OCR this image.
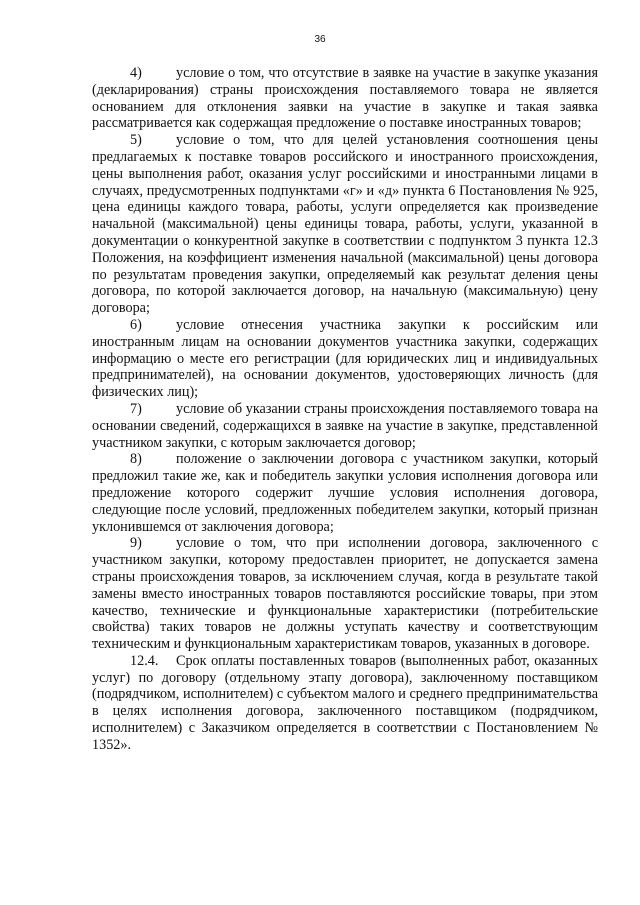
36

4) условие о том, что отсутствие в заявке на участие в закупке указания (декларирования) страны происхождения поставляемого товара не является основанием для отклонения заявки на участие в закупке и такая заявка рассматривается как содержащая предложение о поставке иностранных товаров;

5) условие о том, что для целей установления соотношения цены предлагаемых к поставке товаров российского и иностранного происхождения, цены выполнения работ, оказания услуг российскими и иностранными лицами в случаях, предусмотренных подпунктами «г» и «д» пункта 6 Постановления № 925, цена единицы каждого товара, работы, услуги определяется как произведение начальной (максимальной) цены единицы товара, работы, услуги, указанной в документации о конкурентной закупке в соответствии с подпунктом 3 пункта 12.3 Положения, на коэффициент изменения начальной (максимальной) цены договора по результатам проведения закупки, определяемый как результат деления цены договора, по которой заключается договор, на начальную (максимальную) цену договора;

6) условие отнесения участника закупки к российским или иностранным лицам на основании документов участника закупки, содержащих информацию о месте его регистрации (для юридических лиц и индивидуальных предпринимателей), на основании документов, удостоверяющих личность (для физических лиц);

7) условие об указании страны происхождения поставляемого товара на основании сведений, содержащихся в заявке на участие в закупке, представленной участником закупки, с которым заключается договор;

8) положение о заключении договора с участником закупки, который предложил такие же, как и победитель закупки условия исполнения договора или предложение которого содержит лучшие условия исполнения договора, следующие после условий, предложенных победителем закупки, который признан уклонившемся от заключения договора;

9) условие о том, что при исполнении договора, заключенного с участником закупки, которому предоставлен приоритет, не допускается замена страны происхождения товаров, за исключением случая, когда в результате такой замены вместо иностранных товаров поставляются российские товары, при этом качество, технические и функциональные характеристики (потребительские свойства) таких товаров не должны уступать качеству и соответствующим техническим и функциональным характеристикам товаров, указанных в договоре.

12.4. Срок оплаты поставленных товаров (выполненных работ, оказанных услуг) по договору (отдельному этапу договора), заключенному поставщиком (подрядчиком, исполнителем) с субъектом малого и среднего предпринимательства в целях исполнения договора, заключенного поставщиком (подрядчиком, исполнителем) с Заказчиком определяется в соответствии с Постановлением № 1352».
